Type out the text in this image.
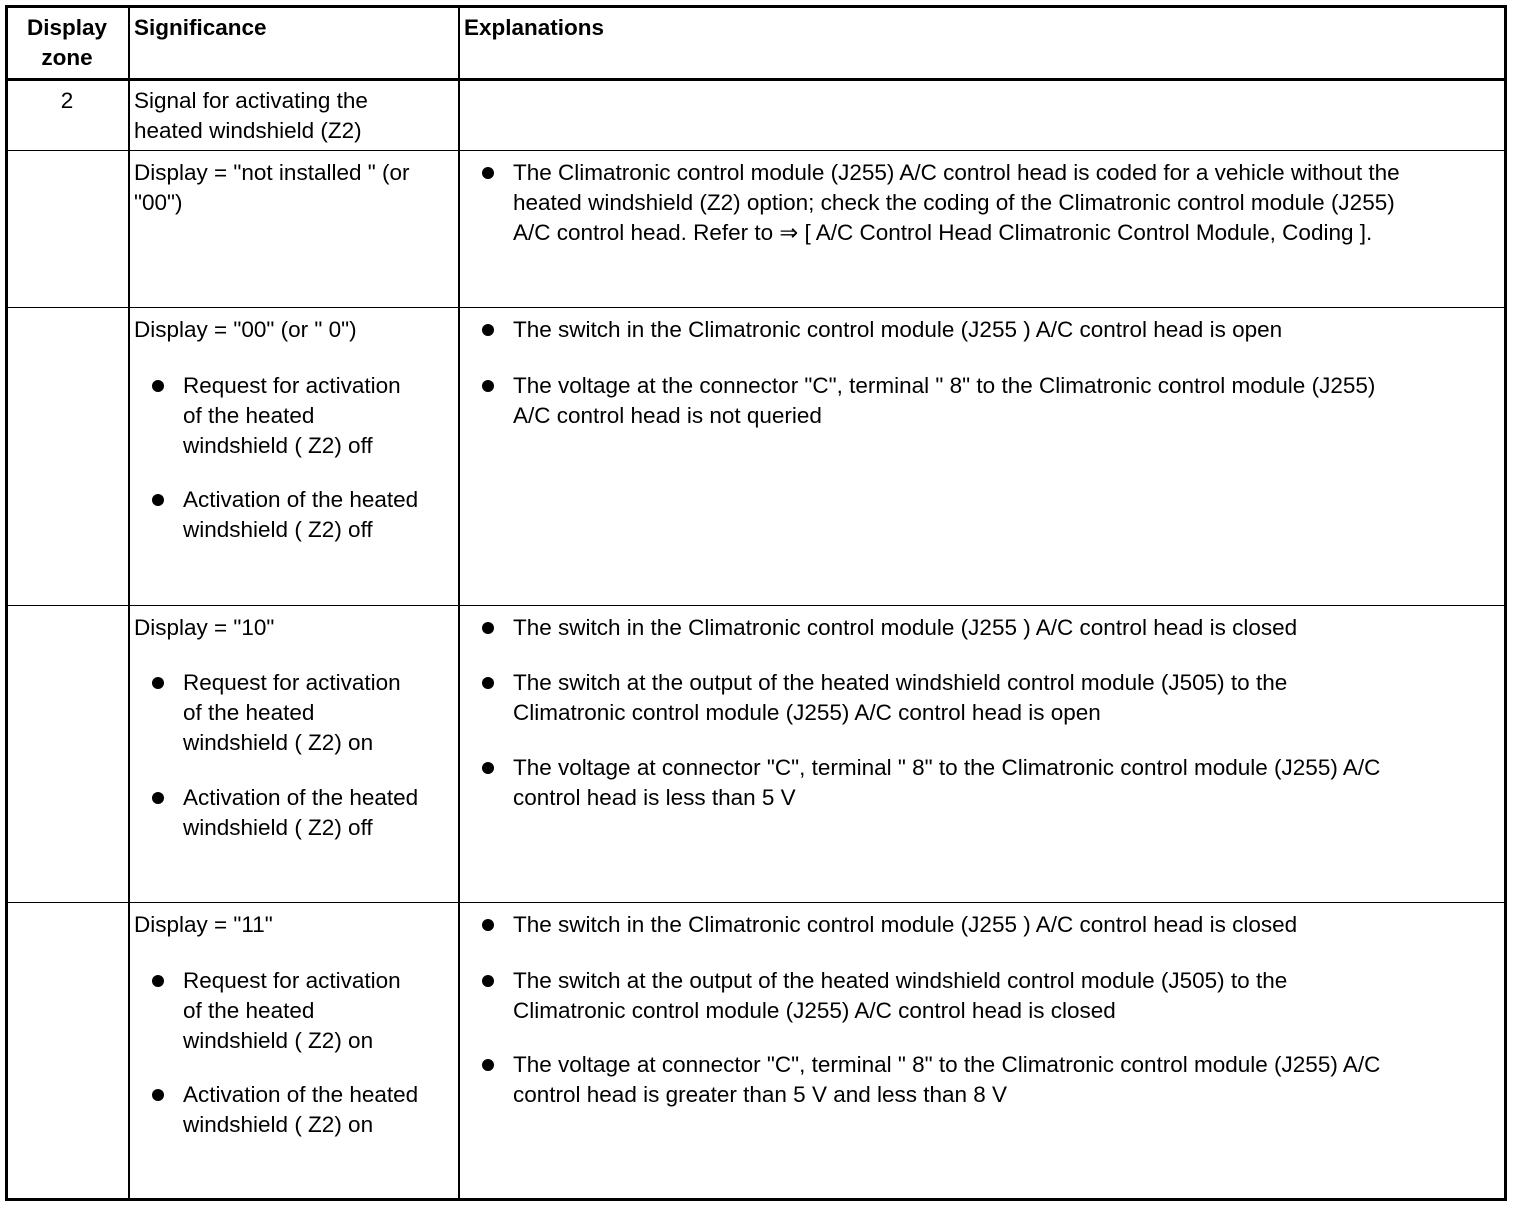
Display
zone
Significance	Explanations
2	Signal for activating the
heated windshield (Z2)
Display = "not installed " (or
"00")
The Climatronic control module (J255) A/C control head is coded for a vehicle without the
heated windshield (Z2) option; check the coding of the Climatronic control module (J255)
A/C control head. Refer to ⇒ [ A/C Control Head Climatronic Control Module, Coding ].
Display = "00" (or " 0")
Request for activation
of the heated
windshield ( Z2) off
Activation of the heated
windshield ( Z2) off
The switch in the Climatronic control module (J255 ) A/C control head is open
The voltage at the connector "C", terminal " 8" to the Climatronic control module (J255)
A/C control head is not queried
Display = "10"
Request for activation
of the heated
windshield ( Z2) on
Activation of the heated
windshield ( Z2) off
The switch in the Climatronic control module (J255 ) A/C control head is closed
The switch at the output of the heated windshield control module (J505) to the
Climatronic control module (J255) A/C control head is open
The voltage at connector "C", terminal " 8" to the Climatronic control module (J255) A/C
control head is less than 5 V
Display = "11"
Request for activation
of the heated
windshield ( Z2) on
Activation of the heated
windshield ( Z2) on
The switch in the Climatronic control module (J255 ) A/C control head is closed
The switch at the output of the heated windshield control module (J505) to the
Climatronic control module (J255) A/C control head is closed
The voltage at connector "C", terminal " 8" to the Climatronic control module (J255) A/C
control head is greater than 5 V and less than 8 V
